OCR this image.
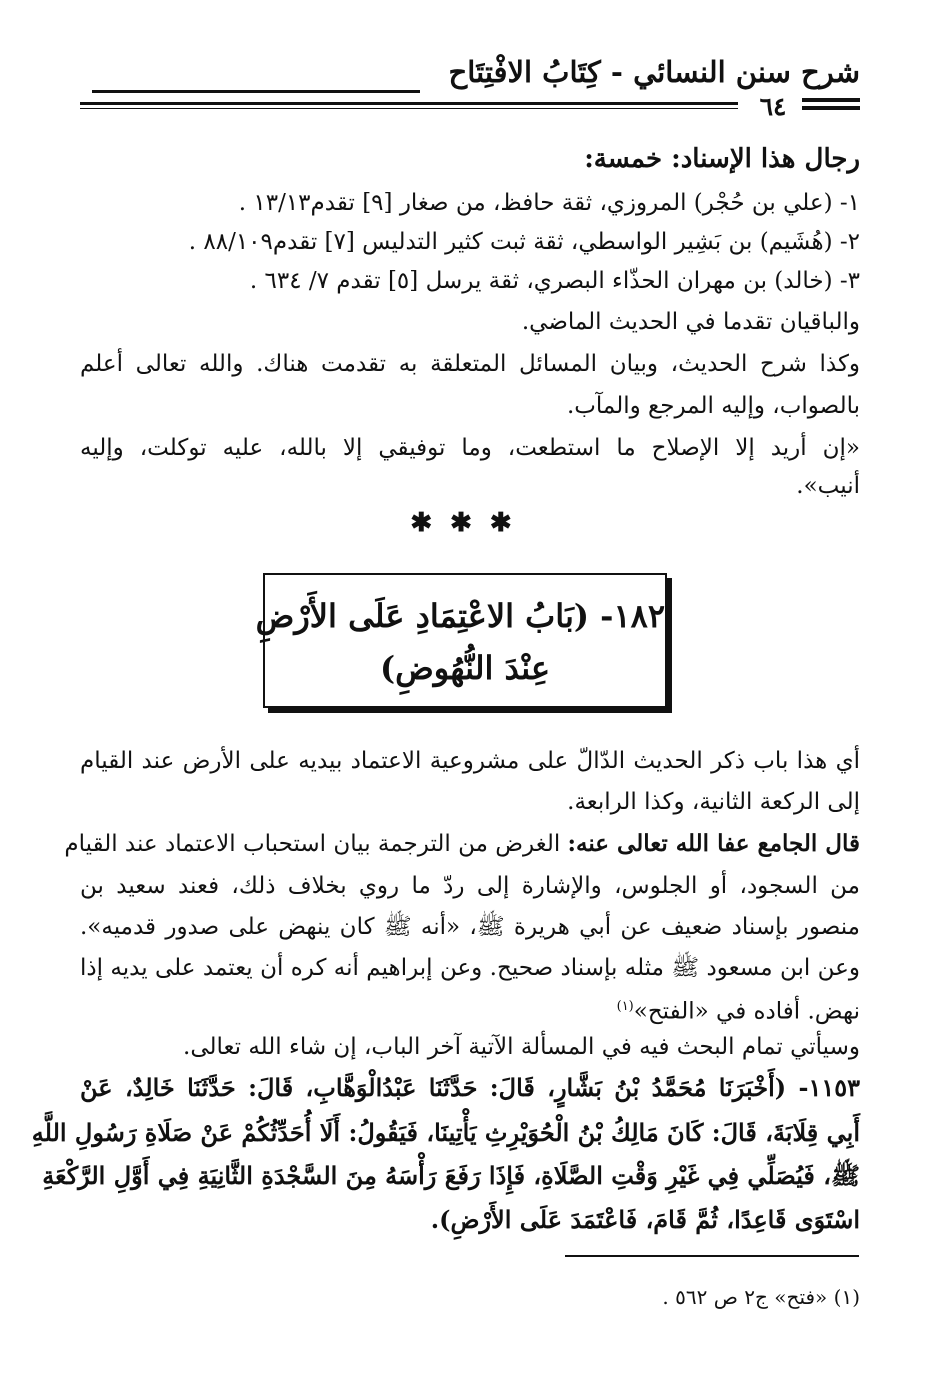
شرح سنن النسائي - كِتَابُ الافْتِتَاح
٦٤
رجال هذا الإسناد: خمسة:
١- (علي بن حُجْر) المروزي، ثقة حافظ، من صغار [٩] تقدم١٣/١٣ .
٢- (هُشَيم) بن بَشِير الواسطي، ثقة ثبت كثير التدليس [٧] تقدم٨٨/١٠٩ .
٣- (خالد) بن مهران الحذّاء البصري، ثقة يرسل [٥] تقدم ٧/ ٦٣٤ .
والباقيان تقدما في الحديث الماضي.
وكذا شرح الحديث، وبيان المسائل المتعلقة به تقدمت هناك. والله تعالى أعلم
بالصواب، وإليه المرجع والمآب.
«إن أريد إلا الإصلاح ما استطعت، وما توفيقي إلا بالله، عليه توكلت، وإليه
أنيب».
✱✱✱
١٨٢- (بَابُ الاعْتِمَادِ عَلَى الأَرْضِ
عِنْدَ النُّهُوضِ)
أي هذا باب ذكر الحديث الدّالّ على مشروعية الاعتماد بيديه على الأرض عند القيام
إلى الركعة الثانية، وكذا الرابعة.
قال الجامع عفا الله تعالى عنه: الغرض من الترجمة بيان استحباب الاعتماد عند القيام
من السجود، أو الجلوس، والإشارة إلى ردّ ما روي بخلاف ذلك، فعند سعيد بن
منصور بإسناد ضعيف عن أبي هريرة ﷺ، «أنه ﷺ كان ينهض على صدور قدميه».
وعن ابن مسعود ﷺ مثله بإسناد صحيح. وعن إبراهيم أنه كره أن يعتمد على يديه إذا
نهض. أفاده في «الفتح»$^{(١)}$
وسيأتي تمام البحث فيه في المسألة الآتية آخر الباب، إن شاء الله تعالى.
١١٥٣- (أَخْبَرَنَا مُحَمَّدُ بْنُ بَشَّارٍ، قَالَ: حَدَّثَنَا عَبْدُالْوَهَّابِ، قَالَ: حَدَّثَنَا خَالِدٌ، عَنْ
أَبِي قِلَابَةَ، قَالَ: كَانَ مَالِكُ بْنُ الْحُوَيْرِثِ يَأْتِينَا، فَيَقُولُ: أَلَا أُحَدِّثُكُمْ عَنْ صَلَاةِ رَسُولِ اللَّهِ
ﷺ، فَيُصَلِّي فِي غَيْرِ وَقْتِ الصَّلَاةِ، فَإِذَا رَفَعَ رَأْسَهُ مِنَ السَّجْدَةِ الثَّانِيَةِ فِي أَوَّلِ الرَّكْعَةِ
اسْتَوَى قَاعِدًا، ثُمَّ قَامَ، فَاعْتَمَدَ عَلَى الأَرْضِ).
(١) «فتح» ج٢ ص ٥٦٢ .
